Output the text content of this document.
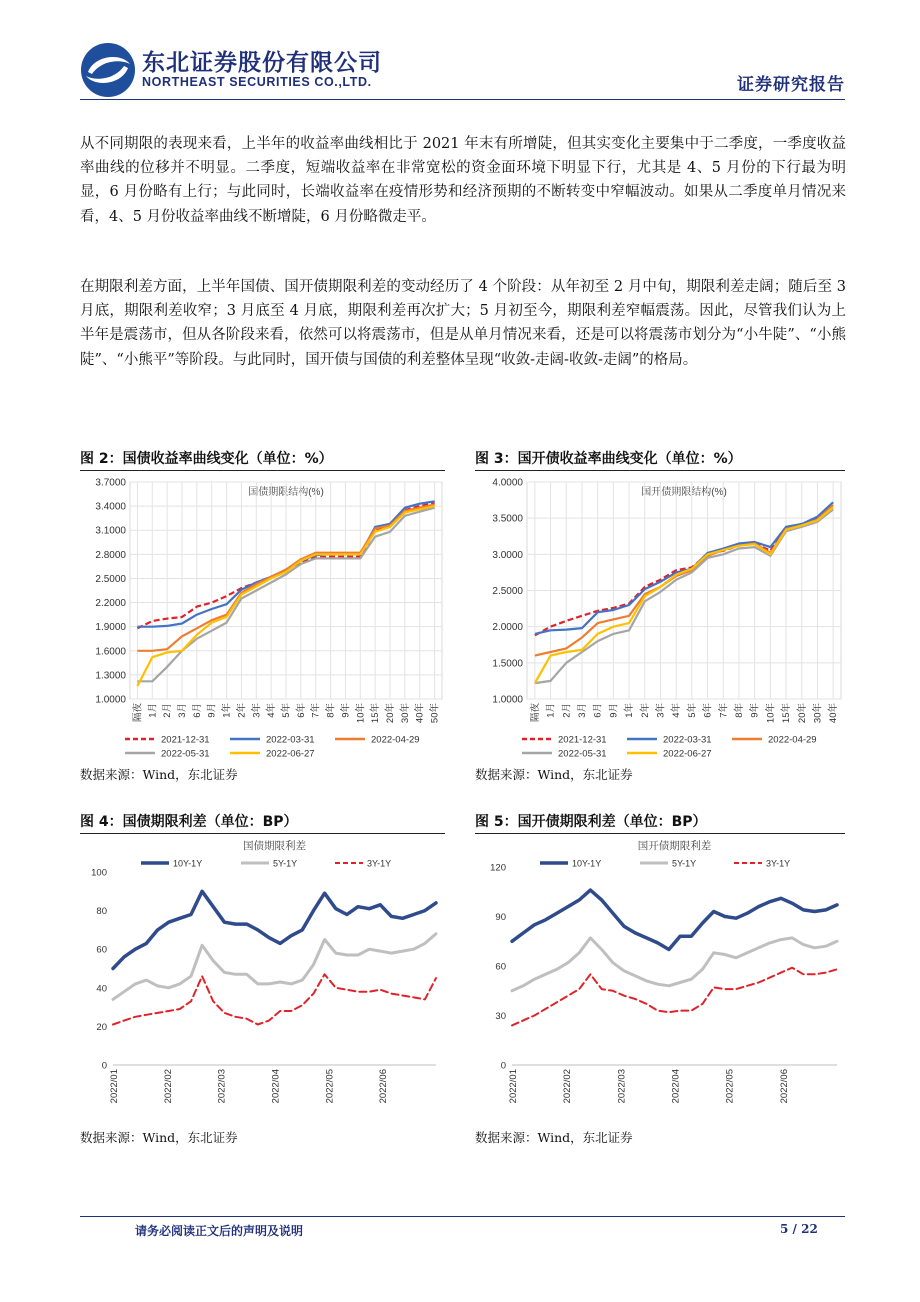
东北证券股份有限公司
NORTHEAST SECURITIES CO.,LTD.	证券研究报告

从不同期限的表现来看，上半年的收益率曲线相比于 2021 年末有所增陡，但其实变化主要集中于二季度，一季度收益率曲线的位移并不明显。二季度，短端收益率在非常宽松的资金面环境下明显下行，尤其是 4、5 月份的下行最为明显，6 月份略有上行；与此同时，长端收益率在疫情形势和经济预期的不断转变中窄幅波动。如果从二季度单月情况来看，4、5 月份收益率曲线不断增陡，6 月份略微走平。

在期限利差方面，上半年国债、国开债期限利差的变动经历了 4 个阶段：从年初至 2 月中旬，期限利差走阔；随后至 3 月底，期限利差收窄；3 月底至 4 月底，期限利差再次扩大；5 月初至今，期限利差窄幅震荡。因此，尽管我们认为上半年是震荡市，但从各阶段来看，依然可以将震荡市，但是从单月情况来看，还是可以将震荡市划分为“小牛陡”、“小熊陡”、“小熊平”等阶段。与此同时，国开债与国债的利差整体呈现“收敛-走阔-收敛-走阔”的格局。

图 2：国债收益率曲线变化（单位：%）
国债期限结构(%)
1.0000
1.3000
1.6000
1.9000
2.2000
2.5000
2.8000
3.1000
3.4000
3.7000
隔夜 1月 2月 3月 6月 9月 1年 2年 3年 4年 5年 6年 7年 8年 9年 10年 15年 20年 30年 40年 50年
2021-12-31	2022-03-31	2022-04-29
2022-05-31	2022-06-27
数据来源：Wind，东北证券
图 3：国开债收益率曲线变化（单位：%）
国开债期限结构(%)
1.0000
1.5000
2.0000
2.5000
3.0000
3.5000
4.0000
隔夜 1月 2月 3月 6月 9月 1年 2年 3年 4年 5年 6年 7年 8年 9年 10年 15年 20年 30年 40年
2021-12-31	2022-03-31	2022-04-29
2022-05-31	2022-06-27
数据来源：Wind，东北证券
图 4：国债期限利差（单位：BP）
国债期限利差
10Y-1Y	5Y-1Y	3Y-1Y
0
20
40
60
80
100
2022/01	2022/02	2022/03	2022/04	2022/05	2022/06
数据来源：Wind，东北证券
图 5：国开债期限利差（单位：BP）
国开债期限利差
10Y-1Y	5Y-1Y	3Y-1Y
0
30
60
90
120
2022/01	2022/02	2022/03	2022/04	2022/05	2022/06
数据来源：Wind，东北证券
请务必阅读正文后的声明及说明	5 / 22
